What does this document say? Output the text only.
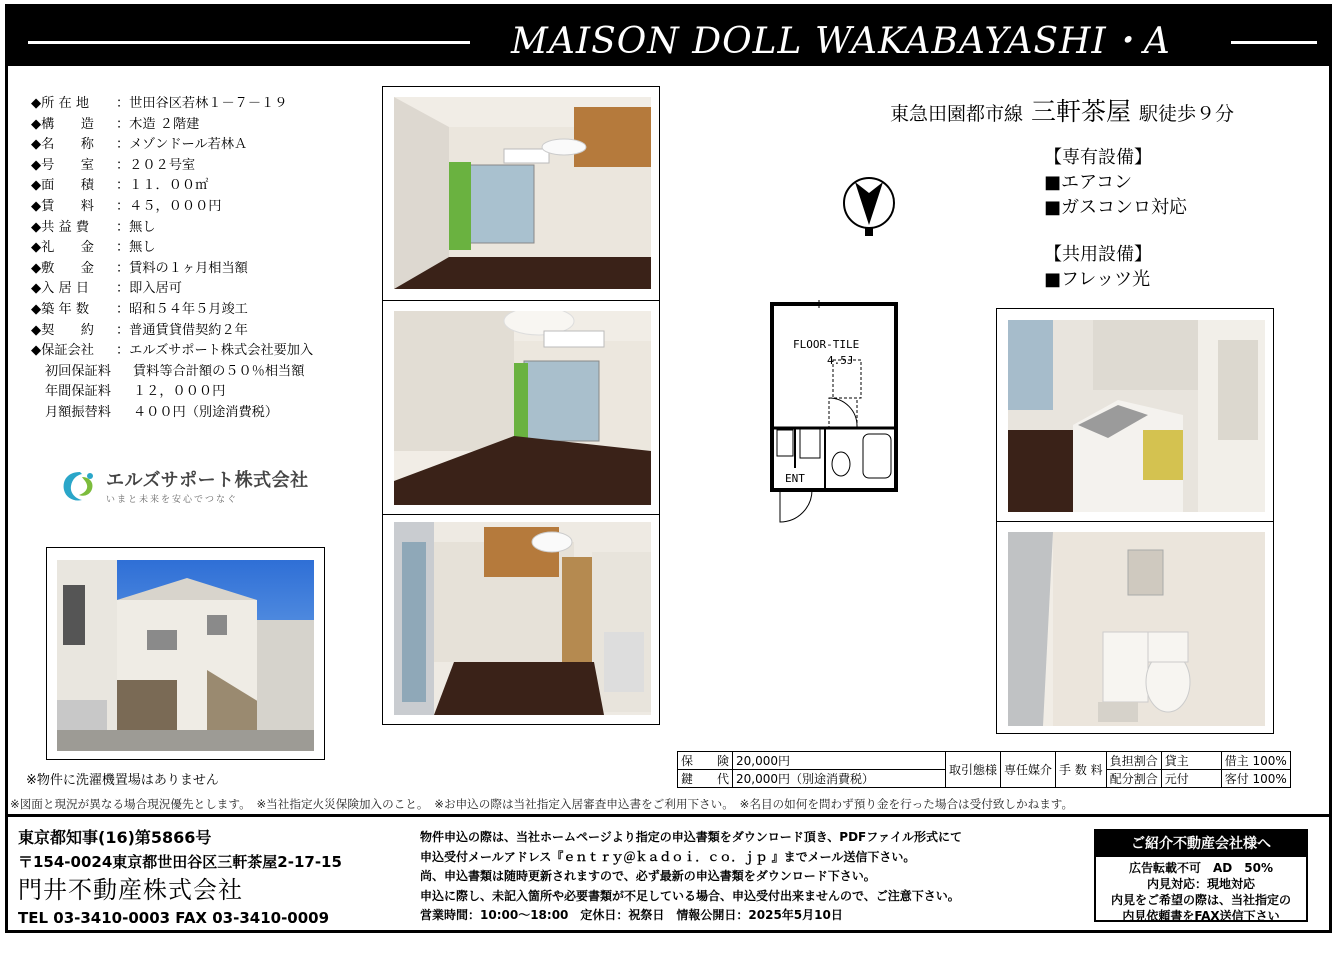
MAISON DOLL WAKABAYASHI・A
◆所 在 地	：世田谷区若林１－７－１９
◆構　　造	：木造 ２階建
◆名　　称	：メゾンドール若林Ａ
◆号　　室	：２０２号室
◆面　　積	：１１．００㎡
◆賃　　料	：４５，０００円
◆共 益 費	：無し
◆礼　　金	：無し
◆敷　　金	：賃料の１ヶ月相当額
◆入 居 日	：即入居可
◆築 年 数	：昭和５４年５月竣工
◆契　　約	：普通賃貸借契約２年
◆保証会社	：エルズサポート株式会社要加入
初回保証料	賃料等合計額の５０％相当額
年間保証料	１２，０００円
月額振替料	４００円（別途消費税）
エルズサポート株式会社
いまと未来を安心でつなぐ
※物件に洗濯機置場はありません
東急田園都市線 三軒茶屋 駅徒歩９分
【専有設備】
■エアコン
■ガスコンロ対応
【共用設備】
■フレッツ光
FLOOR-TILE
4.5J
ENT
保　　険	20,000円	取引態様	専任媒介	手 数 料	負担割合	貸主	借主 100%
鍵　　代	20,000円（別途消費税）				配分割合	元付	客付 100%
※図面と現況が異なる場合現況優先とします。　※当社指定火災保険加入のこと。　※お申込の際は当社指定入居審査申込書をご利用下さい。　※名目の如何を問わず預り金を行った場合は受付致しかねます。
東京都知事(16)第5866号
〒154-0024東京都世田谷区三軒茶屋2-17-15
門井不動産株式会社
TEL 03-3410-0003 FAX 03-3410-0009
物件申込の際は、当社ホームページより指定の申込書類をダウンロード頂き、PDFファイル形式にて
申込受付メールアドレス『ｅｎｔｒｙ＠ｋａｄｏｉ．ｃｏ．ｊｐ 』までメール送信下さい。
尚、申込書類は随時更新されますので、必ず最新の申込書類をダウンロード下さい。
申込に際し、未記入箇所や必要書類が不足している場合、申込受付出来ませんので、ご注意下さい。
営業時間：10:00～18:00　定休日：祝祭日　情報公開日：2025年5月10日
ご紹介不動産会社様へ
広告転載不可　AD　50%
内見対応：現地対応
内見をご希望の際は、当社指定の
内見依頼書をFAX送信下さい
